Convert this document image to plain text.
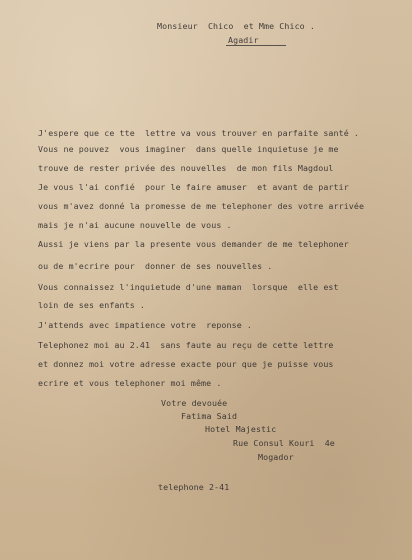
Monsieur  Chico  et Mme Chico .
Agadir
J'espere que ce tte  lettre va vous trouver en parfaite santé .
Vous ne pouvez  vous imaginer  dans quelle inquietuse je me
trouve de rester privée des nouvelles  de mon fils Magdoul
Je vous l'ai confié  pour le faire amuser  et avant de partir
vous m'avez donné la promesse de me telephoner des votre arrivée
mais je n'ai aucune nouvelle de vous .
Aussi je viens par la presente vous demander de me telephoner
ou de m'ecrire pour  donner de ses nouvelles .
Vous connaissez l'inquietude d'une maman  lorsque  elle est
loin de ses enfants .
J'attends avec impatience votre  reponse .
Telephonez moi au 2.41  sans faute au reçu de cette lettre
et donnez moi votre adresse exacte pour que je puisse vous
ecrire et vous telephoner moi même .
Votre devouée
Fatima Said
Hotel Majestic
Rue Consul Kouri  4e
Mogador
telephone 2-41
